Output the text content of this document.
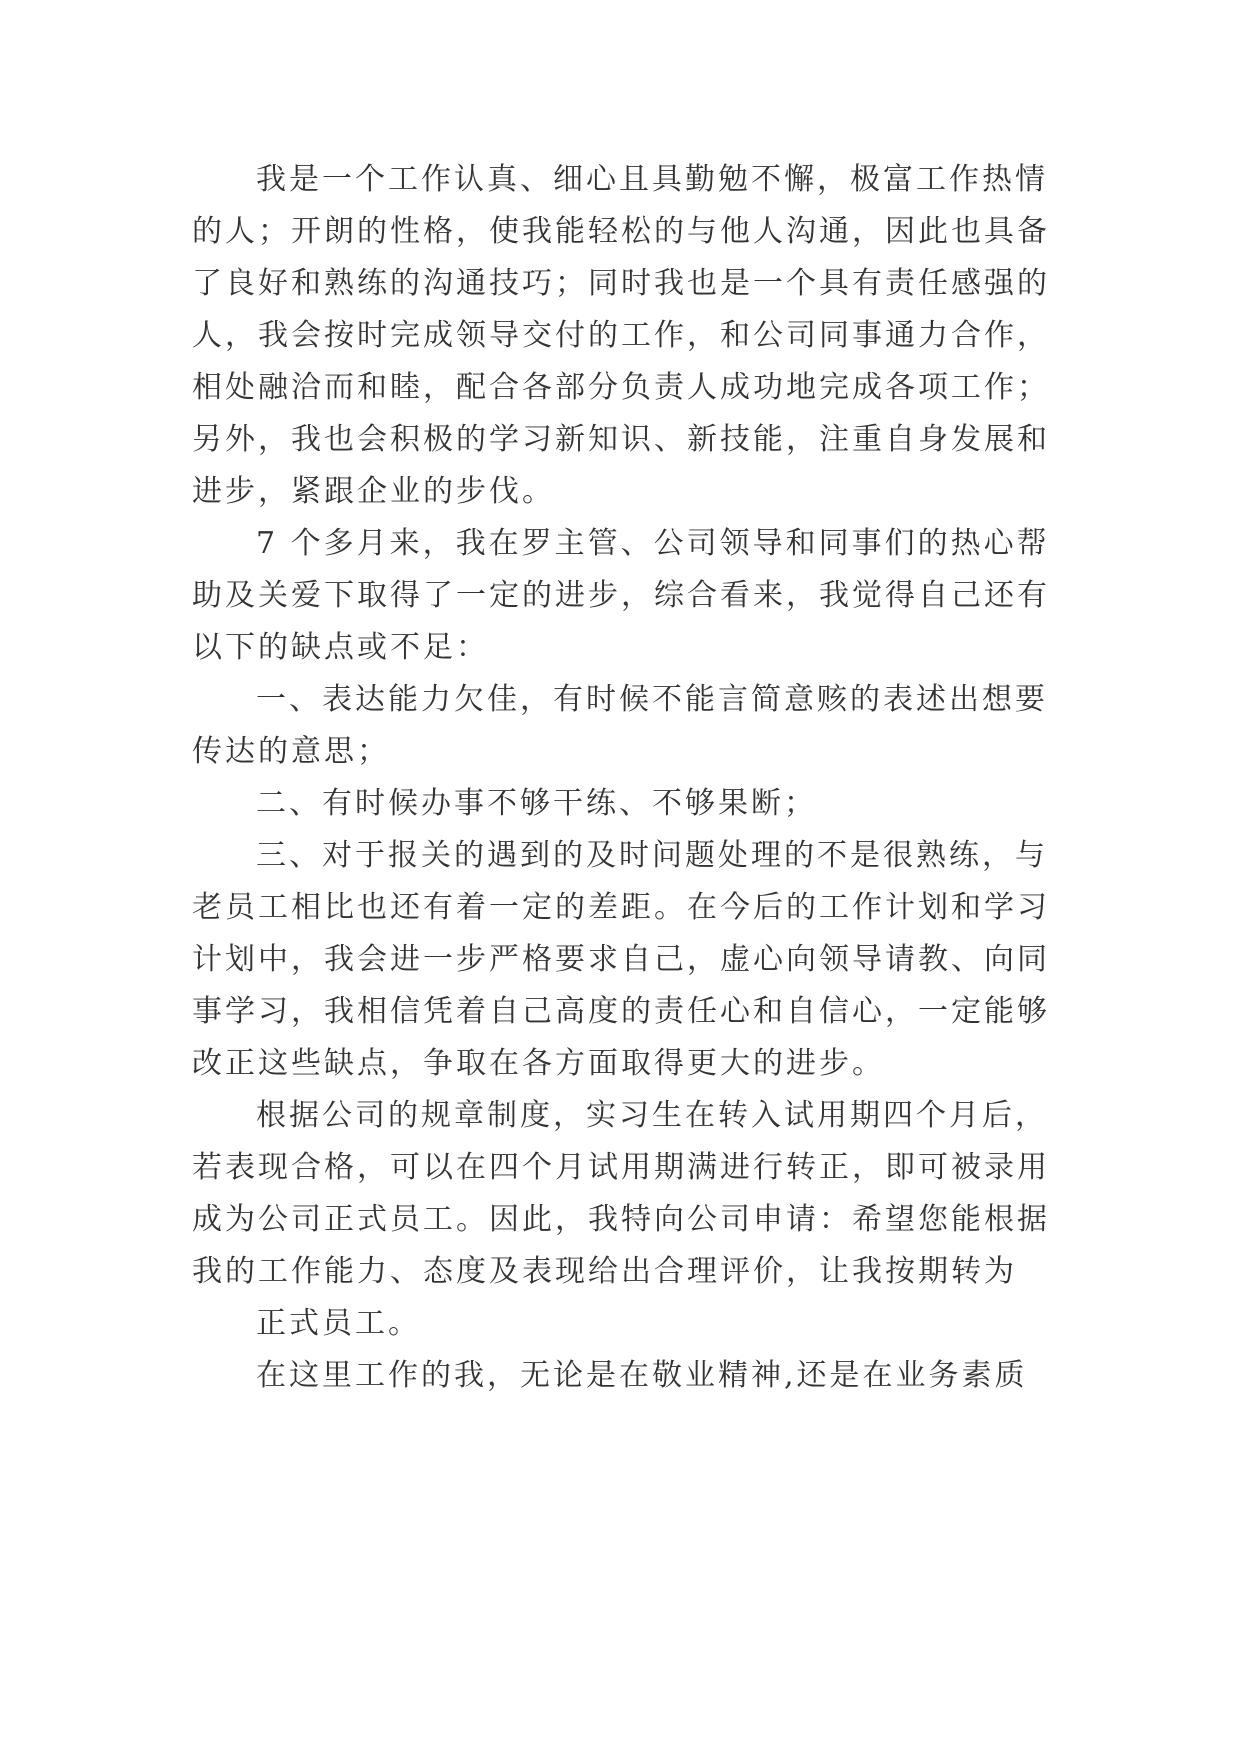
我是一个工作认真、细心且具勤勉不懈，极富工作热情
的人；开朗的性格，使我能轻松的与他人沟通，因此也具备
了良好和熟练的沟通技巧；同时我也是一个具有责任感强的
人，我会按时完成领导交付的工作，和公司同事通力合作，
相处融洽而和睦，配合各部分负责人成功地完成各项工作；
另外，我也会积极的学习新知识、新技能，注重自身发展和
进步，紧跟企业的步伐。
7 个多月来，我在罗主管、公司领导和同事们的热心帮
助及关爱下取得了一定的进步，综合看来，我觉得自己还有
以下的缺点或不足：
一、表达能力欠佳，有时候不能言简意赅的表述出想要
传达的意思；
二、有时候办事不够干练、不够果断；
三、对于报关的遇到的及时问题处理的不是很熟练，与
老员工相比也还有着一定的差距。在今后的工作计划和学习
计划中，我会进一步严格要求自己，虚心向领导请教、向同
事学习，我相信凭着自己高度的责任心和自信心，一定能够
改正这些缺点，争取在各方面取得更大的进步。
根据公司的规章制度，实习生在转入试用期四个月后，
若表现合格，可以在四个月试用期满进行转正，即可被录用
成为公司正式员工。因此，我特向公司申请：希望您能根据
我的工作能力、态度及表现给出合理评价，让我按期转为
正式员工。
在这里工作的我，无论是在敬业精神,还是在业务素质
